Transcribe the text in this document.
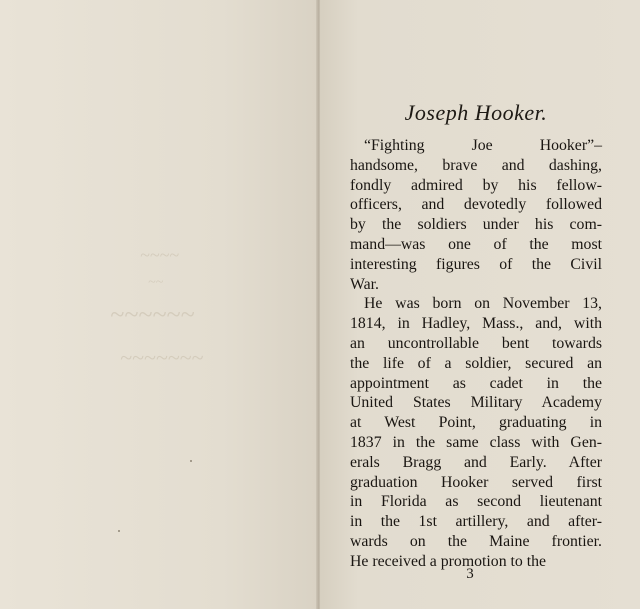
~~~~
~~
~~~~~~
~~~~~~~
Joseph Hooker.
“Fighting Joe Hooker”–
handsome, brave and dashing,
fondly admired by his fellow-
officers, and devotedly followed
by the soldiers under his com-
mand—was one of the most
interesting figures of the Civil
War.
He was born on November 13,
1814, in Hadley, Mass., and, with
an uncontrollable bent towards
the life of a soldier, secured an
appointment as cadet in the
United States Military Academy
at West Point, graduating in
1837 in the same class with Gen-
erals Bragg and Early. After
graduation Hooker served first
in Florida as second lieutenant
in the 1st artillery, and after-
wards on the Maine frontier.
He received a promotion to the
3
